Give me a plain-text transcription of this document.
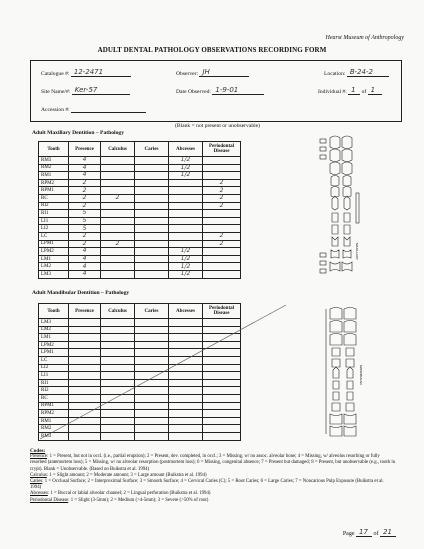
Hearst Museum of Anthropology
ADULT DENTAL PATHOLOGY OBSERVATIONS RECORDING FORM
Catalogue #: 12-2471	Observer: JH	Location: B-24-2
Site Name/#: Ker-57	Date Observed: 1-9-01	Individual #: 1 of 1
Accession #:
(Blank = not present or unobservable)
Adult Maxillary Dentition – Pathology
Tooth	Presence	Calculus	Caries	Abcesses	Periodontal Disease
RM3	4			1/2	
RM2	4			1/2	
RM1	4			1/2	
RPM2	2				2
RPM1	2				2
RC	2	2			2
RI2	2				2
RI1	5				
LI1	5				
LI2	5				
LC	2				2
LPM1	2	2			2
LPM2	4			1/2	
LM1	4			1/2	
LM2	4			1/2	
LM3	4			1/2	
Adult Mandibular Dentition – Pathology
Tooth	Presence	Calculus	Caries	Abcesses	Periodontal Disease
LM3					
LM2					
LM1					
LPM2					
LPM1					
LC					
LI2					
LI1					
RI1					
RI2					
RC					
RPM1					
RPM2					
RM1					
RM2					
RM3					
MAXILLARY
MANDIBULAR
Codes:
Presence: 1 = Present, but not in occl. (i.e., partial eruption); 2 = Present, dev. completed, in occl.; 3 = Missing, w/ no assoc. alveolar bone; 4 = Missing, w/ alveolus resorbing or fully resorbed (antemortem loss); 5 = Missing, w/ no alveolar resorption (postmortem loss); 6 = Missing, congenital absence; 7 = Present but damaged; 8 = Present, but unobservable (e.g., tooth in crypt). Blank = Unobservable. (Based on Buikstra et al. 1994)
Calculus: 1 = Slight amount; 2 = Moderate amount; 3 = Large amount (Buikstra et al. 1994)
Caries: 1 = Occlusal Surface; 2 = Interproximal Surface; 3 = Smooth Surface; 4 = Cervical Caries (C); 5 = Root Caries; 6 = Large Caries; 7 = Noncarious Pulp Exposure (Buikstra et al. 1994)
Abcesses: 1 = Buccal or labial alveolar channel; 2 = Lingual perforation (Buikstra et al. 1994)
Periodontal Disease: 1 = Slight (3-5mm); 2 = Medium (>4-5mm); 3 = Severe (>50% of root)
Page 17 of 21
